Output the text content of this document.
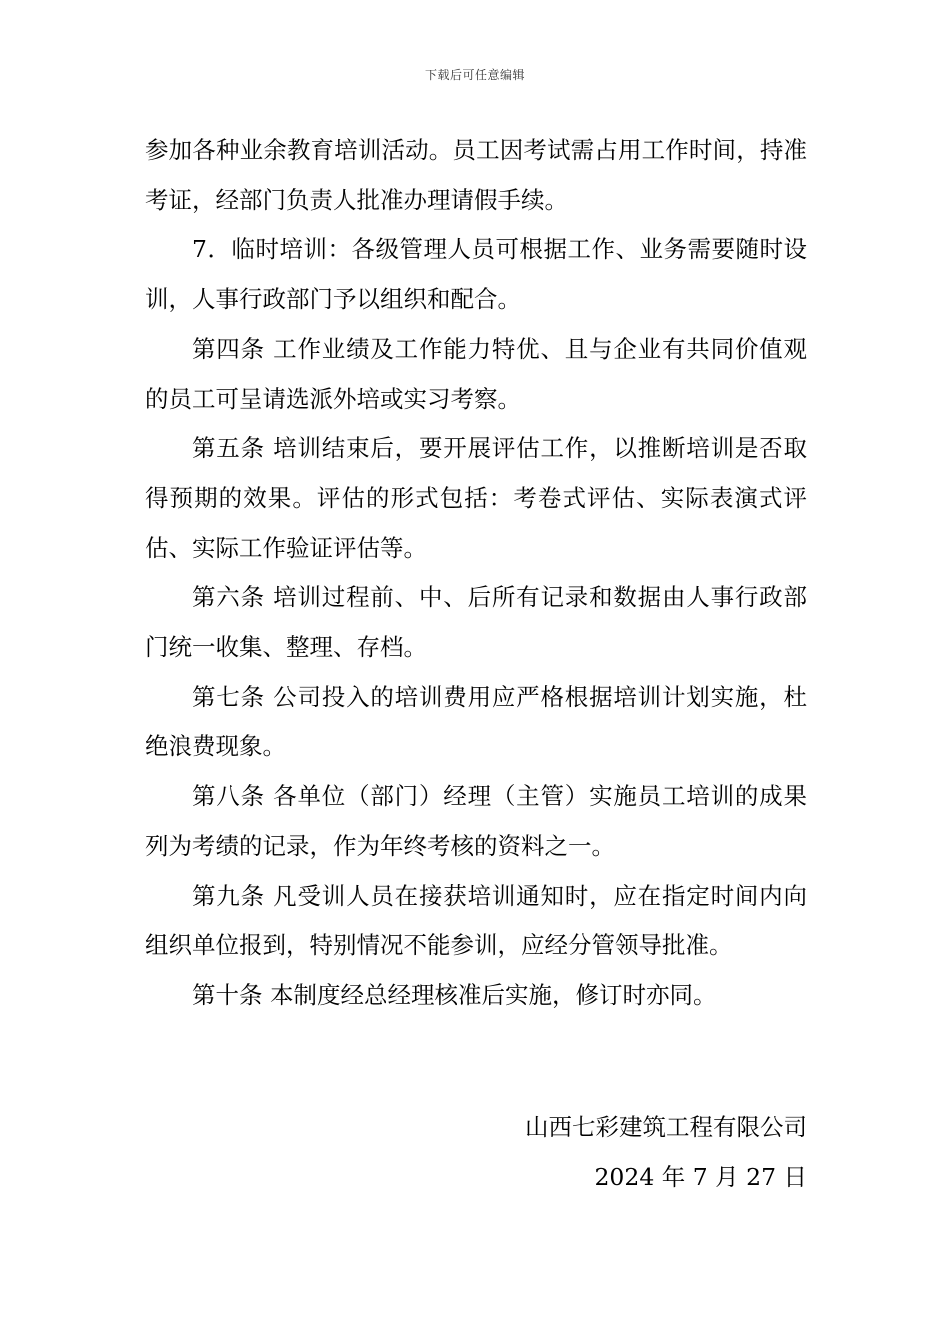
下载后可任意编辑

参加各种业余教育培训活动。员工因考试需占用工作时间，持准考证，经部门负责人批准办理请假手续。

7．临时培训：各级管理人员可根据工作、业务需要随时设训，人事行政部门予以组织和配合。

第四条 工作业绩及工作能力特优、且与企业有共同价值观的员工可呈请选派外培或实习考察。

第五条 培训结束后，要开展评估工作，以推断培训是否取得预期的效果。评估的形式包括：考卷式评估、实际表演式评估、实际工作验证评估等。

第六条 培训过程前、中、后所有记录和数据由人事行政部门统一收集、整理、存档。

第七条 公司投入的培训费用应严格根据培训计划实施，杜绝浪费现象。

第八条 各单位（部门）经理（主管）实施员工培训的成果列为考绩的记录，作为年终考核的资料之一。

第九条 凡受训人员在接获培训通知时，应在指定时间内向组织单位报到，特别情况不能参训，应经分管领导批准。

第十条 本制度经总经理核准后实施，修订时亦同。

山西七彩建筑工程有限公司
2024 年 7 月 27 日
